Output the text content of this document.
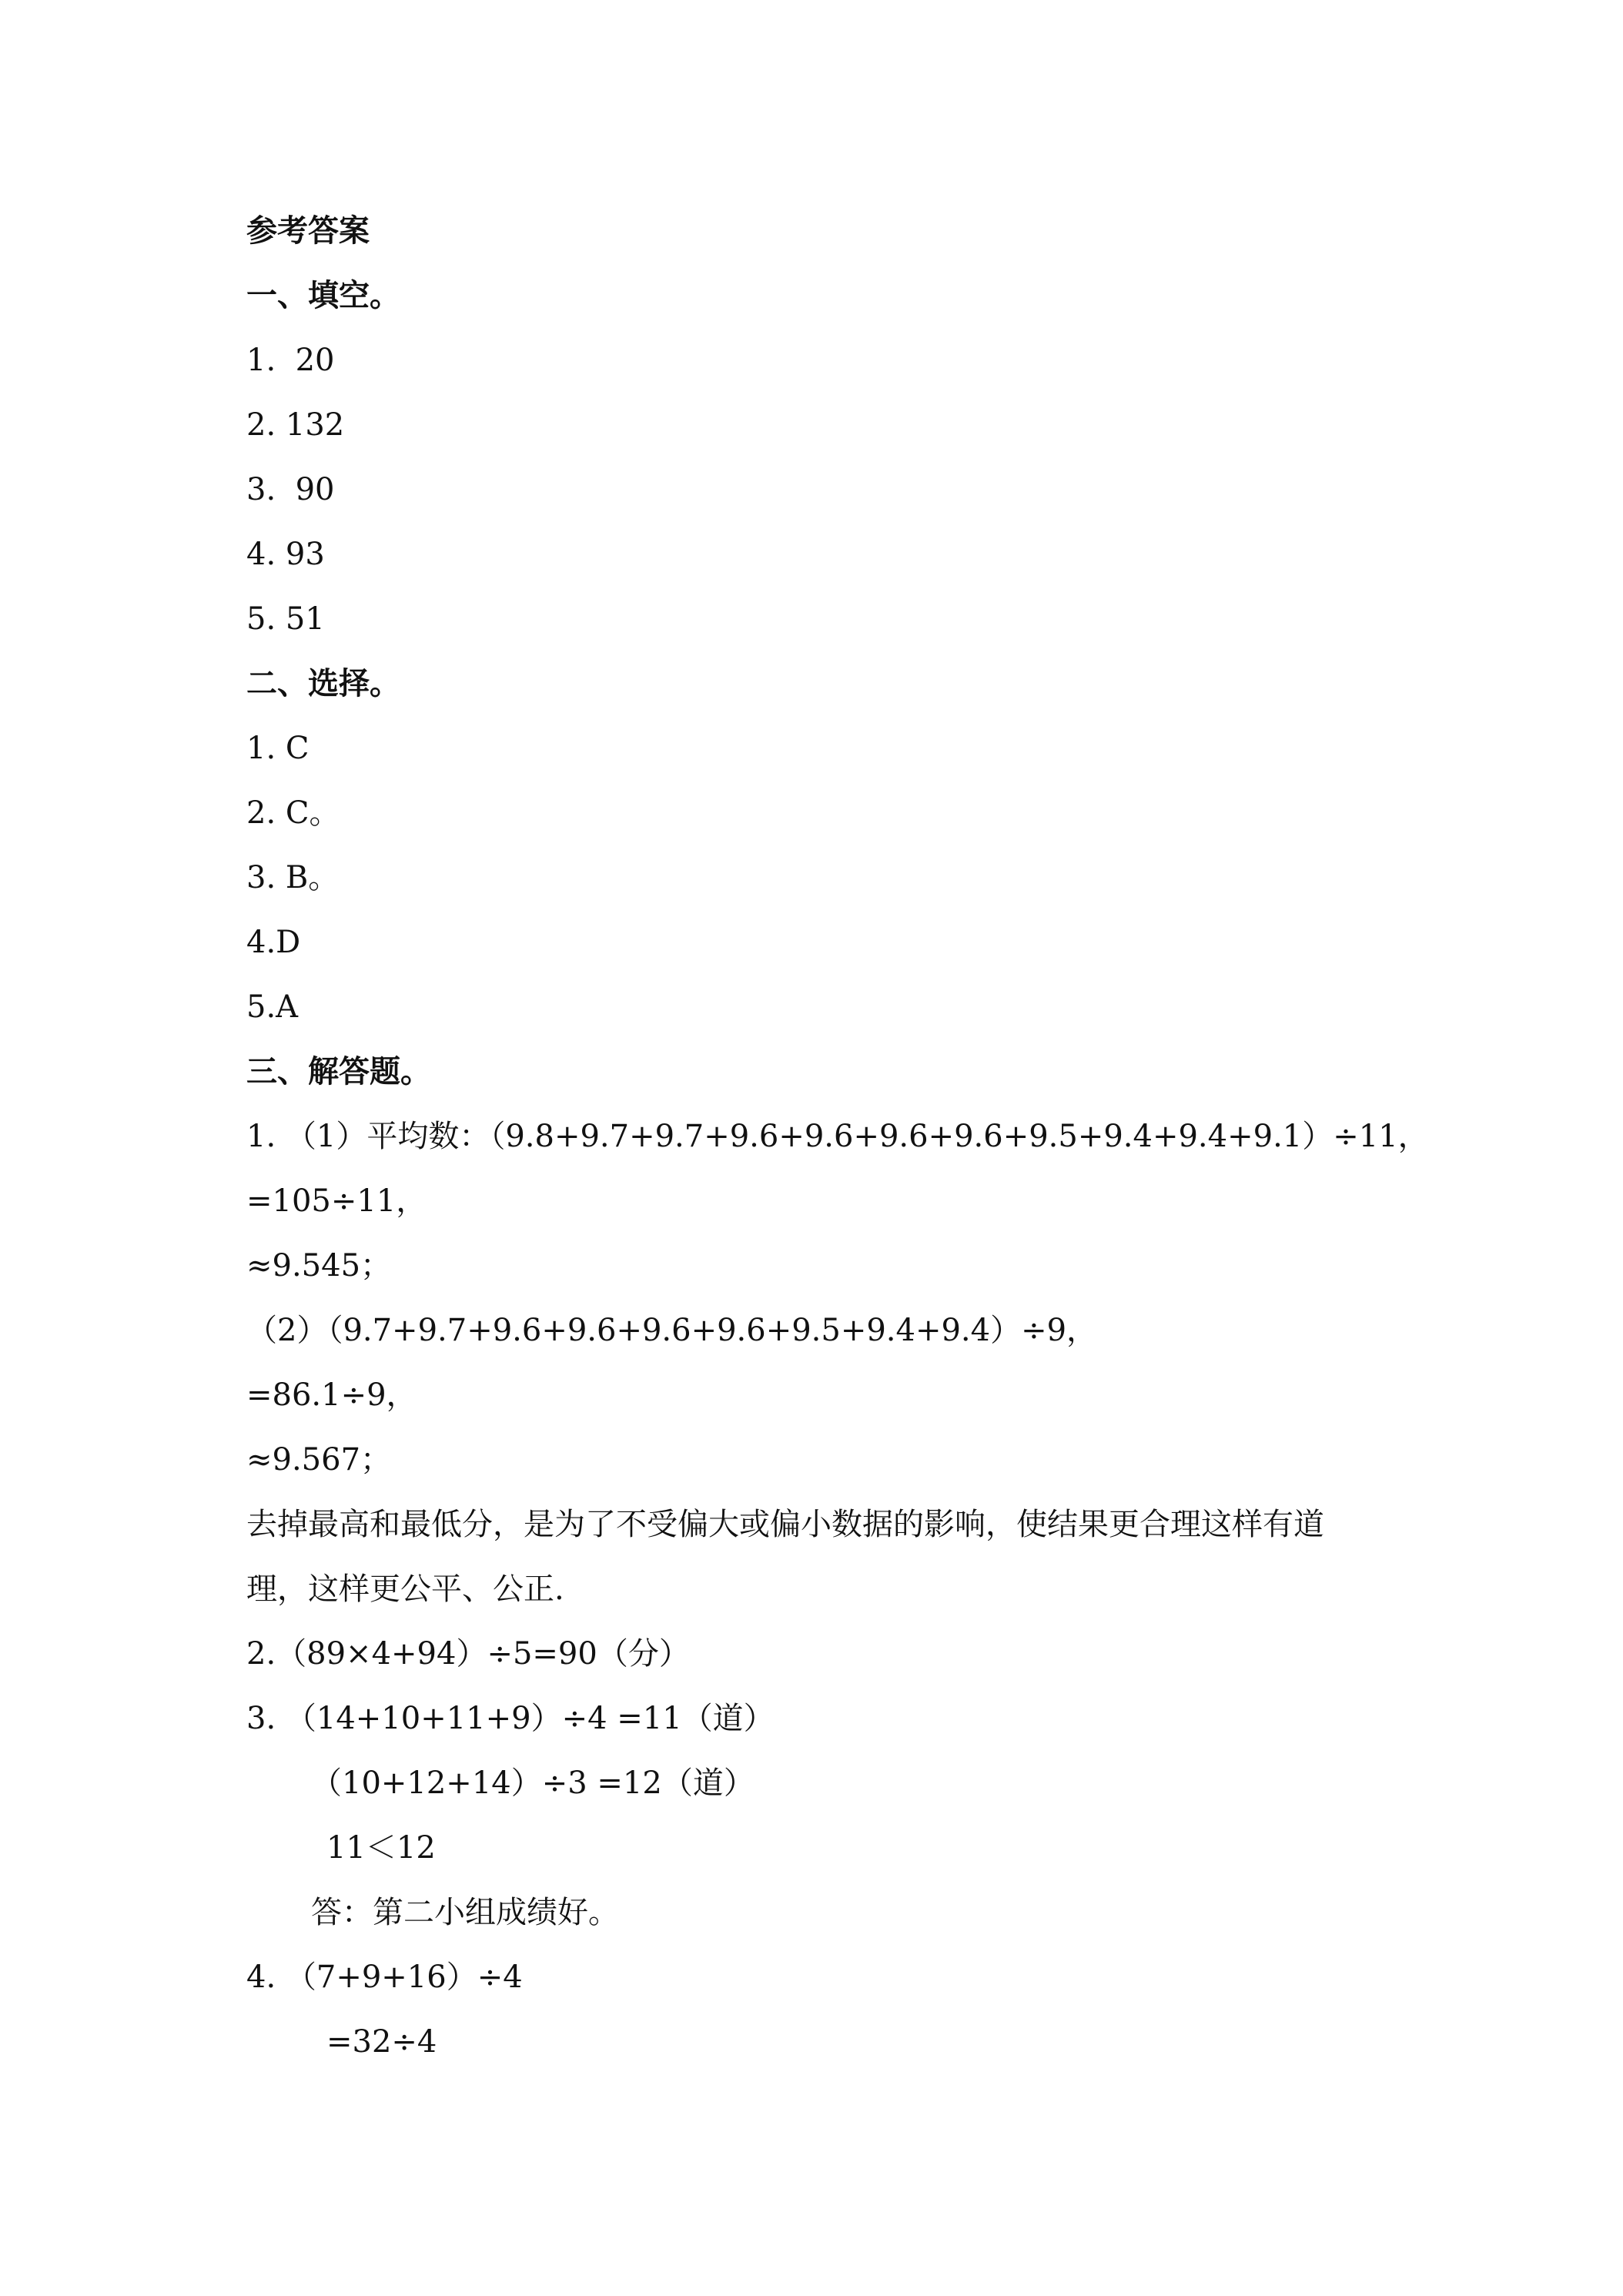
参考答案
一、填空。
1.  20
2. 132
3.  90
4. 93
5. 51
二、选择。
1. C
2. C。
3. B。
4.D
5.A
三、解答题。
1. （1）平均数：（9.8+9.7+9.7+9.6+9.6+9.6+9.6+9.5+9.4+9.4+9.1）÷11，
=105÷11，
≈9.545；
（2）（9.7+9.7+9.6+9.6+9.6+9.6+9.5+9.4+9.4）÷9，
=86.1÷9，
≈9.567；
去掉最高和最低分，是为了不受偏大或偏小数据的影响，使结果更合理这样有道
理，这样更公平、公正.
2.（89×4+94）÷5=90（分）
3. （14+10+11+9）÷4 =11（道）
（10+12+14）÷3 =12（道）
11＜12
答：第二小组成绩好。
4. （7+9+16）÷4
=32÷4
